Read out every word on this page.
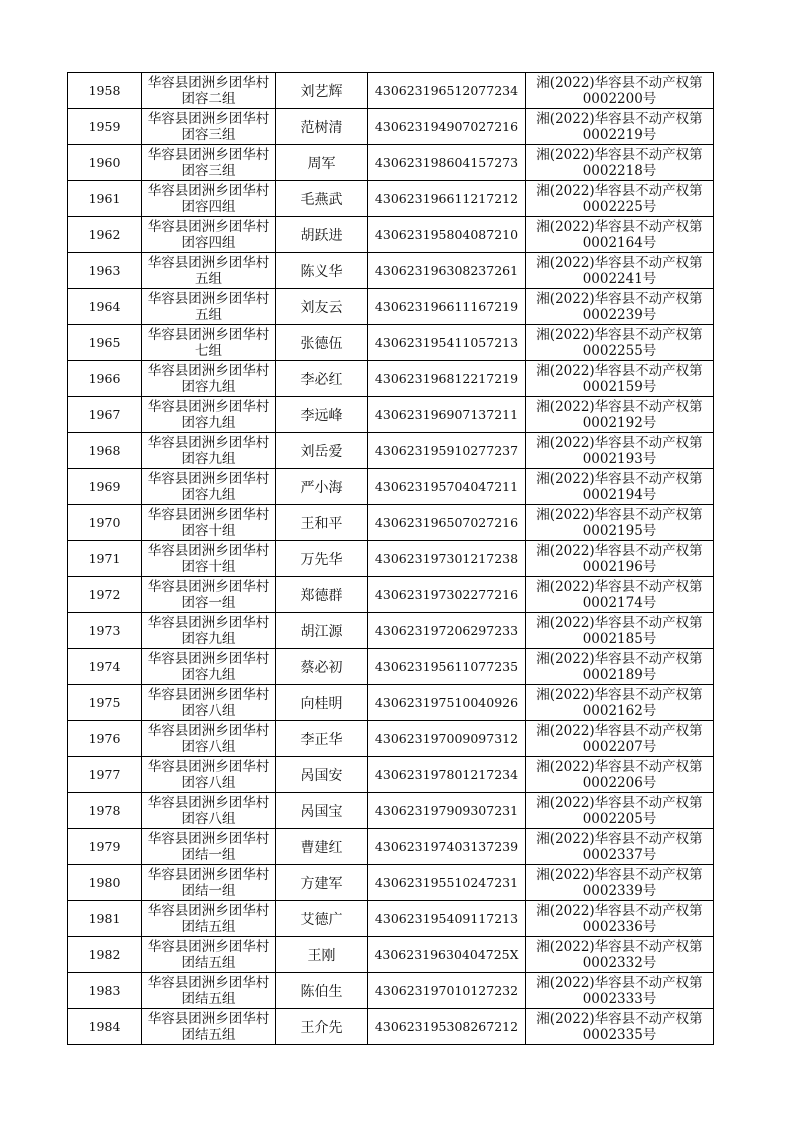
1958	华容县团洲乡团华村团容二组	刘艺辉	430623196512077234	湘(2022)华容县不动产权第0002200号
1959	华容县团洲乡团华村团容三组	范树清	430623194907027216	湘(2022)华容县不动产权第0002219号
1960	华容县团洲乡团华村团容三组	周军	430623198604157273	湘(2022)华容县不动产权第0002218号
1961	华容县团洲乡团华村团容四组	毛燕武	430623196611217212	湘(2022)华容县不动产权第0002225号
1962	华容县团洲乡团华村团容四组	胡跃进	430623195804087210	湘(2022)华容县不动产权第0002164号
1963	华容县团洲乡团华村五组	陈义华	430623196308237261	湘(2022)华容县不动产权第0002241号
1964	华容县团洲乡团华村五组	刘友云	430623196611167219	湘(2022)华容县不动产权第0002239号
1965	华容县团洲乡团华村七组	张德伍	430623195411057213	湘(2022)华容县不动产权第0002255号
1966	华容县团洲乡团华村团容九组	李必红	430623196812217219	湘(2022)华容县不动产权第0002159号
1967	华容县团洲乡团华村团容九组	李远峰	430623196907137211	湘(2022)华容县不动产权第0002192号
1968	华容县团洲乡团华村团容九组	刘岳爱	430623195910277237	湘(2022)华容县不动产权第0002193号
1969	华容县团洲乡团华村团容九组	严小海	430623195704047211	湘(2022)华容县不动产权第0002194号
1970	华容县团洲乡团华村团容十组	王和平	430623196507027216	湘(2022)华容县不动产权第0002195号
1971	华容县团洲乡团华村团容十组	万先华	430623197301217238	湘(2022)华容县不动产权第0002196号
1972	华容县团洲乡团华村团容一组	郑德群	430623197302277216	湘(2022)华容县不动产权第0002174号
1973	华容县团洲乡团华村团容九组	胡江源	430623197206297233	湘(2022)华容县不动产权第0002185号
1974	华容县团洲乡团华村团容九组	蔡必初	430623195611077235	湘(2022)华容县不动产权第0002189号
1975	华容县团洲乡团华村团容八组	向桂明	430623197510040926	湘(2022)华容县不动产权第0002162号
1976	华容县团洲乡团华村团容八组	李正华	430623197009097312	湘(2022)华容县不动产权第0002207号
1977	华容县团洲乡团华村团容八组	呙国安	430623197801217234	湘(2022)华容县不动产权第0002206号
1978	华容县团洲乡团华村团容八组	呙国宝	430623197909307231	湘(2022)华容县不动产权第0002205号
1979	华容县团洲乡团华村团结一组	曹建红	430623197403137239	湘(2022)华容县不动产权第0002337号
1980	华容县团洲乡团华村团结一组	方建军	430623195510247231	湘(2022)华容县不动产权第0002339号
1981	华容县团洲乡团华村团结五组	艾德广	430623195409117213	湘(2022)华容县不动产权第0002336号
1982	华容县团洲乡团华村团结五组	王刚	43062319630404725X	湘(2022)华容县不动产权第0002332号
1983	华容县团洲乡团华村团结五组	陈伯生	430623197010127232	湘(2022)华容县不动产权第0002333号
1984	华容县团洲乡团华村团结五组	王介先	430623195308267212	湘(2022)华容县不动产权第0002335号
